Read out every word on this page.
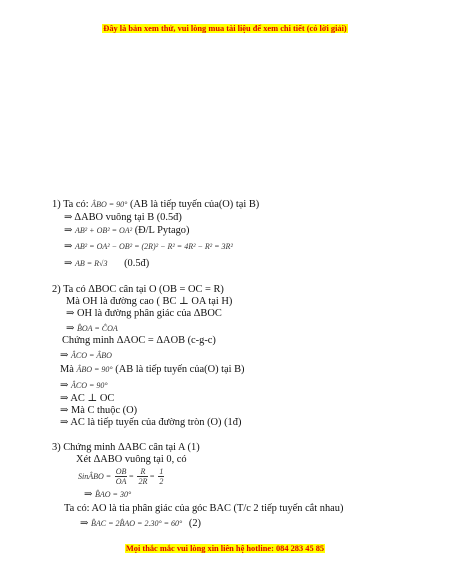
Đây là bản xem thử, vui lòng mua tài liệu để xem chi tiết (có lời giải)
1) Ta có: ÂBO = 90° (AB là tiếp tuyến của(O) tại B)
⇒ ΔABO vuông tại B (0.5đ)
⇒ AB² + OB² = OA² (Đ/L Pytago)
⇒ AB² = OA² − OB² = (2R)² − R² = 4R² − R² = 3R²
⇒ AB = R√3 (0.5đ)
2) Ta có ΔBOC cân tại O (OB = OC = R)
Mà OH là đường cao ( BC ⊥ OA tại H)
⇒ OH là đường phân giác của ΔBOC
⇒ B̂OA = ĈOA
Chứng minh ΔAOC = ΔAOB (c-g-c)
⇒ ÂCO = ÂBO
Mà ÂBO = 90° (AB là tiếp tuyến của(O) tại B)
⇒ ÂCO = 90°
⇒ AC ⊥ OC
⇒ Mà C thuộc (O)
⇒ AC là tiếp tuyến của đường tròn (O) (1đ)
3) Chứng minh ΔABC cân tại A (1)
Xét ΔABO vuông tại 0, có
SinÂBO = $\frac{OB}{OA} = \frac{R}{2R} = \frac{1}{2}$
⇒ B̂AO = 30°
Ta có: AO là tia phân giác của góc BAC (T/c 2 tiếp tuyến cắt nhau)
⇒ B̂AC = 2B̂AO = 2.30° = 60° (2)
Mọi thắc mắc vui lòng xin liên hệ hotline: 084 283 45 85
